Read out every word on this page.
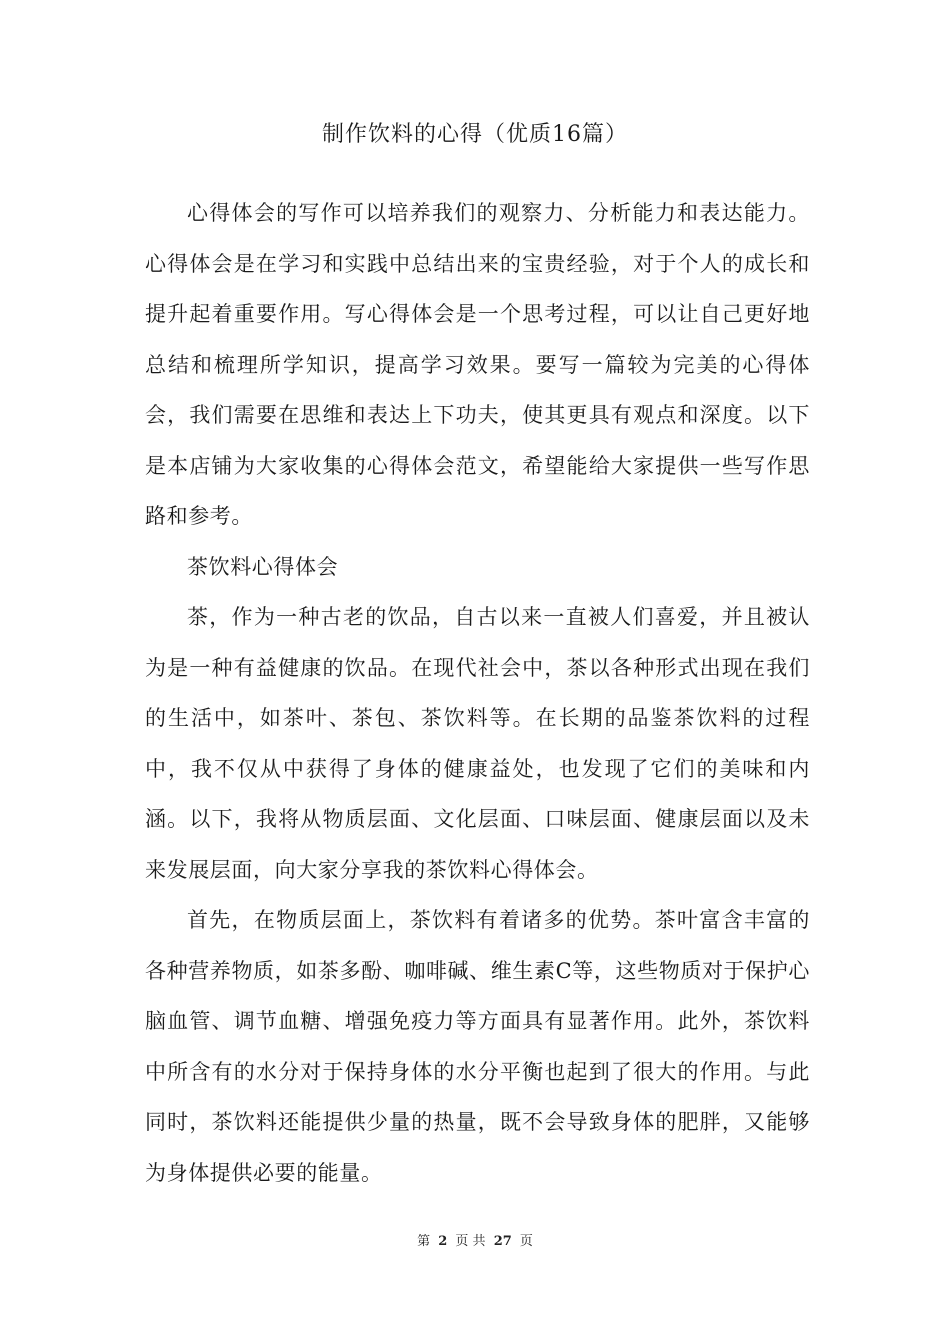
制作饮料的心得（优质16篇）

心得体会的写作可以培养我们的观察力、分析能力和表达能力。心得体会是在学习和实践中总结出来的宝贵经验，对于个人的成长和提升起着重要作用。写心得体会是一个思考过程，可以让自己更好地总结和梳理所学知识，提高学习效果。要写一篇较为完美的心得体会，我们需要在思维和表达上下功夫，使其更具有观点和深度。以下是本店铺为大家收集的心得体会范文，希望能给大家提供一些写作思路和参考。

茶饮料心得体会

茶，作为一种古老的饮品，自古以来一直被人们喜爱，并且被认为是一种有益健康的饮品。在现代社会中，茶以各种形式出现在我们的生活中，如茶叶、茶包、茶饮料等。在长期的品鉴茶饮料的过程中，我不仅从中获得了身体的健康益处，也发现了它们的美味和内涵。以下，我将从物质层面、文化层面、口味层面、健康层面以及未来发展层面，向大家分享我的茶饮料心得体会。

首先，在物质层面上，茶饮料有着诸多的优势。茶叶富含丰富的各种营养物质，如茶多酚、咖啡碱、维生素C等，这些物质对于保护心脑血管、调节血糖、增强免疫力等方面具有显著作用。此外，茶饮料中所含有的水分对于保持身体的水分平衡也起到了很大的作用。与此同时，茶饮料还能提供少量的热量，既不会导致身体的肥胖，又能够为身体提供必要的能量。

第 2 页 共 27 页
